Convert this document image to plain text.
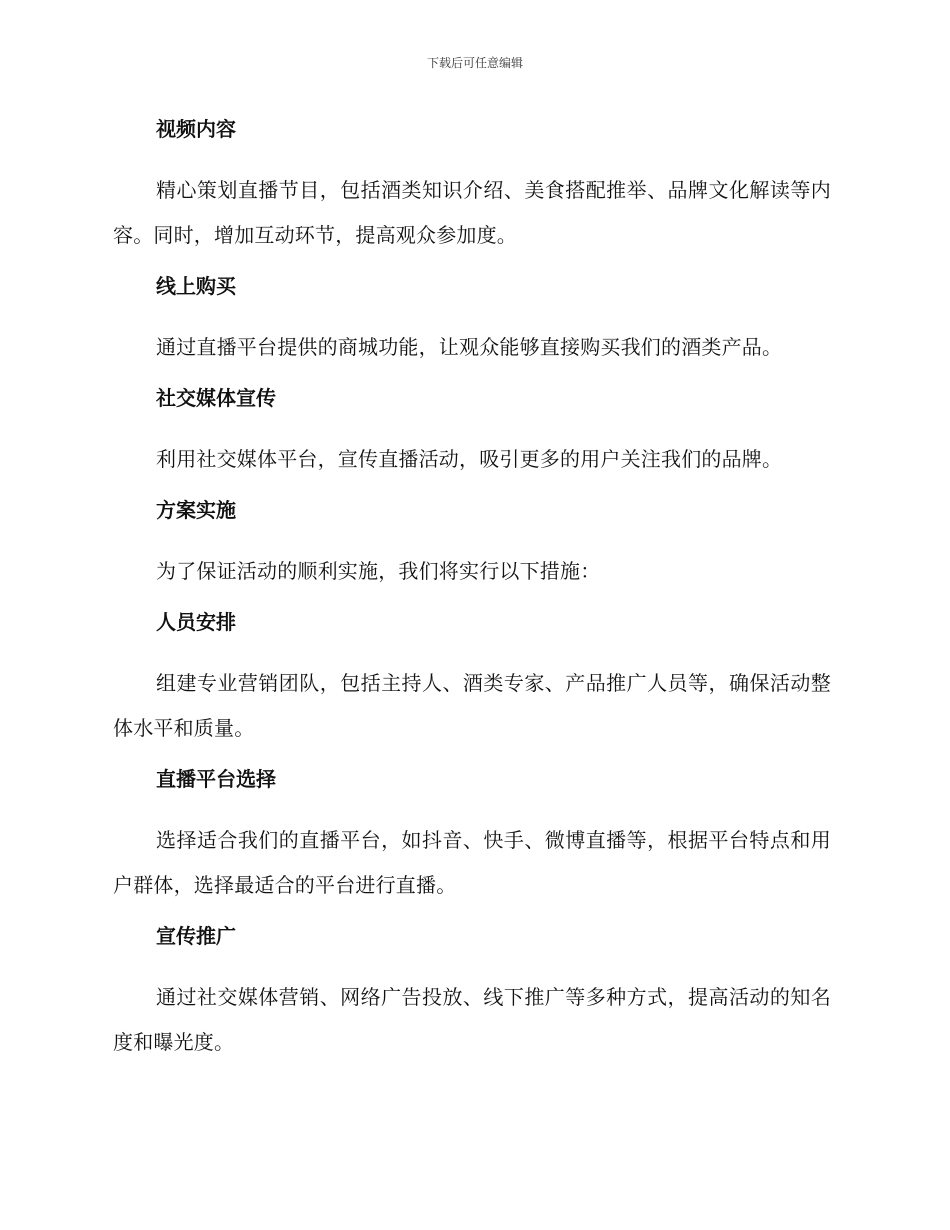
下载后可任意编辑
视频内容
精心策划直播节目，包括酒类知识介绍、美食搭配推举、品牌文化解读等内容。同时，增加互动环节，提高观众参加度。
线上购买
通过直播平台提供的商城功能，让观众能够直接购买我们的酒类产品。
社交媒体宣传
利用社交媒体平台，宣传直播活动，吸引更多的用户关注我们的品牌。
方案实施
为了保证活动的顺利实施，我们将实行以下措施：
人员安排
组建专业营销团队，包括主持人、酒类专家、产品推广人员等，确保活动整体水平和质量。
直播平台选择
选择适合我们的直播平台，如抖音、快手、微博直播等，根据平台特点和用户群体，选择最适合的平台进行直播。
宣传推广
通过社交媒体营销、网络广告投放、线下推广等多种方式，提高活动的知名度和曝光度。
